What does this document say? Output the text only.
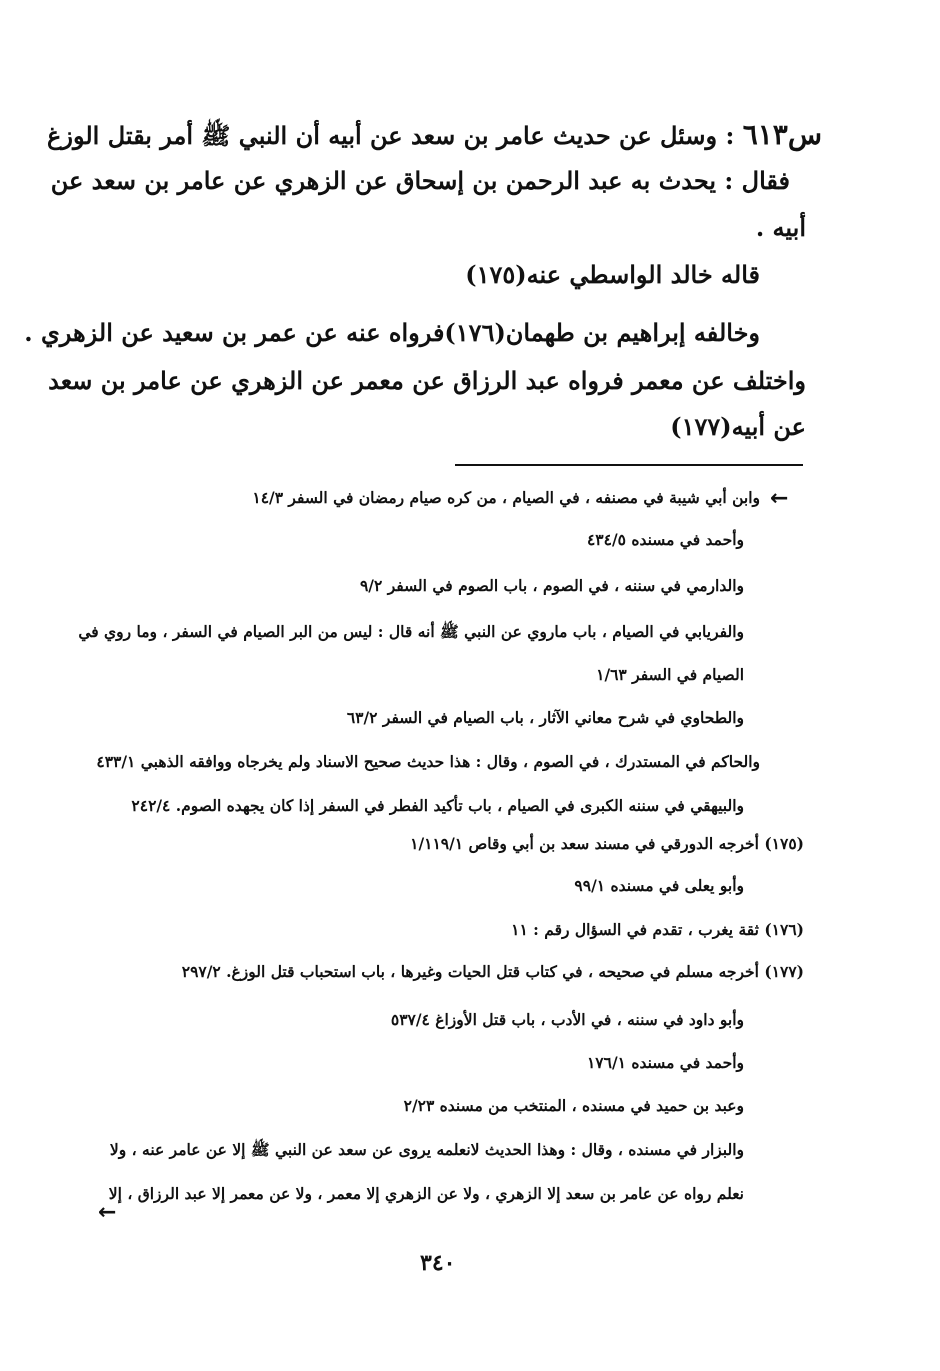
س٦١٣ : وسئل عن حديث عامر بن سعد عن أبيه أن النبي ﷺ أمر بقتل الوزغ
فقال : يحدث به عبد الرحمن بن إسحاق عن الزهري عن عامر بن سعد عن
أبيه .
قاله خالد الواسطي عنه(١٧٥)
وخالفه إبراهيم بن طهمان(١٧٦)فرواه عنه عن عمر بن سعيد عن الزهري .
واختلف عن معمر فرواه عبد الرزاق عن معمر عن الزهري عن عامر بن سعد
عن أبيه(١٧٧)
←
وابن أبي شيبة في مصنفه ، في الصيام ، من كره صيام رمضان في السفر ١٤/٣
وأحمد في مسنده ٤٣٤/٥
والدارمي في سننه ، في الصوم ، باب الصوم في السفر ٩/٢
والفريابي في الصيام ، باب ماروي عن النبي ﷺ أنه قال : ليس من البر الصيام في السفر ، وما روي في
الصيام في السفر ١/٦٣
والطحاوي في شرح معاني الآثار ، باب الصيام في السفر ٦٣/٢
والحاكم في المستدرك ، في الصوم ، وقال : هذا حديث صحيح الاسناد ولم يخرجاه ووافقه الذهبي ٤٣٣/١
والبيهقي في سننه الكبرى في الصيام ، باب تأكيد الفطر في السفر إذا كان يجهده الصوم. ٢٤٢/٤
(١٧٥) أخرجه الدورقي في مسند سعد بن أبي وقاص ١/١١٩/١
وأبو يعلى في مسنده ٩٩/١
(١٧٦) ثقة يغرب ، تقدم في السؤال رقم : ١١
(١٧٧) أخرجه مسلم في صحيحه ، في كتاب قتل الحيات وغيرها ، باب استحباب قتل الوزغ. ٢٩٧/٢
وأبو داود في سننه ، في الأدب ، باب قتل الأوزاغ ٥٣٧/٤
وأحمد في مسنده ١٧٦/١
وعبد بن حميد في مسنده ، المنتخب من مسنده ٢/٢٣
والبزار في مسنده ، وقال : وهذا الحديث لانعلمه يروى عن سعد عن النبي ﷺ إلا عن عامر عنه ، ولا
نعلم رواه عن عامر بن سعد إلا الزهري ، ولا عن الزهري إلا معمر ، ولا عن معمر إلا عبد الرزاق ، إلا
←
٣٤٠
